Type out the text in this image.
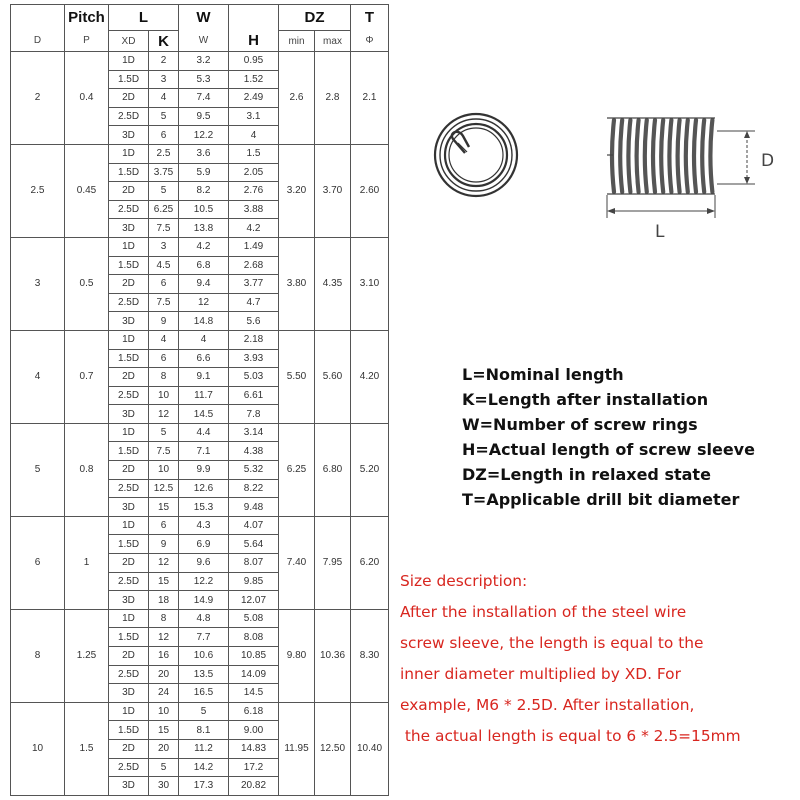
	Pitch	L		W		DZ		T
D	P	XD	K	W	H	min	max	Φ
2	0.4	1D	2	3.2	0.95	2.6	2.8	2.1
		1.5D	3	5.3	1.52			
		2D	4	7.4	2.49			
		2.5D	5	9.5	3.1			
		3D	6	12.2	4			
2.5	0.45	1D	2.5	3.6	1.5	3.20	3.70	2.60
		1.5D	3.75	5.9	2.05			
		2D	5	8.2	2.76			
		2.5D	6.25	10.5	3.88			
		3D	7.5	13.8	4.2			
3	0.5	1D	3	4.2	1.49	3.80	4.35	3.10
		1.5D	4.5	6.8	2.68			
		2D	6	9.4	3.77			
		2.5D	7.5	12	4.7			
		3D	9	14.8	5.6			
4	0.7	1D	4	4	2.18	5.50	5.60	4.20
		1.5D	6	6.6	3.93			
		2D	8	9.1	5.03			
		2.5D	10	11.7	6.61			
		3D	12	14.5	7.8			
5	0.8	1D	5	4.4	3.14	6.25	6.80	5.20
		1.5D	7.5	7.1	4.38			
		2D	10	9.9	5.32			
		2.5D	12.5	12.6	8.22			
		3D	15	15.3	9.48			
6	1	1D	6	4.3	4.07	7.40	7.95	6.20
		1.5D	9	6.9	5.64			
		2D	12	9.6	8.07			
		2.5D	15	12.2	9.85			
		3D	18	14.9	12.07			
8	1.25	1D	8	4.8	5.08	9.80	10.36	8.30
		1.5D	12	7.7	8.08			
		2D	16	10.6	10.85			
		2.5D	20	13.5	14.09			
		3D	24	16.5	14.5			
10	1.5	1D	10	5	6.18	11.95	12.50	10.40
		1.5D	15	8.1	9.00			
		2D	20	11.2	14.83			
		2.5D	5	14.2	17.2			
		3D	30	17.3	20.82			
D
L
L=Nominal length
K=Length after installation
W=Number of screw rings
H=Actual length of screw sleeve
DZ=Length in relaxed state
T=Applicable drill bit diameter
Size description:
After the installation of the steel wire
screw sleeve, the length is equal to the
inner diameter multiplied by XD. For
example, M6 * 2.5D. After installation,
the actual length is equal to 6 * 2.5=15mm
